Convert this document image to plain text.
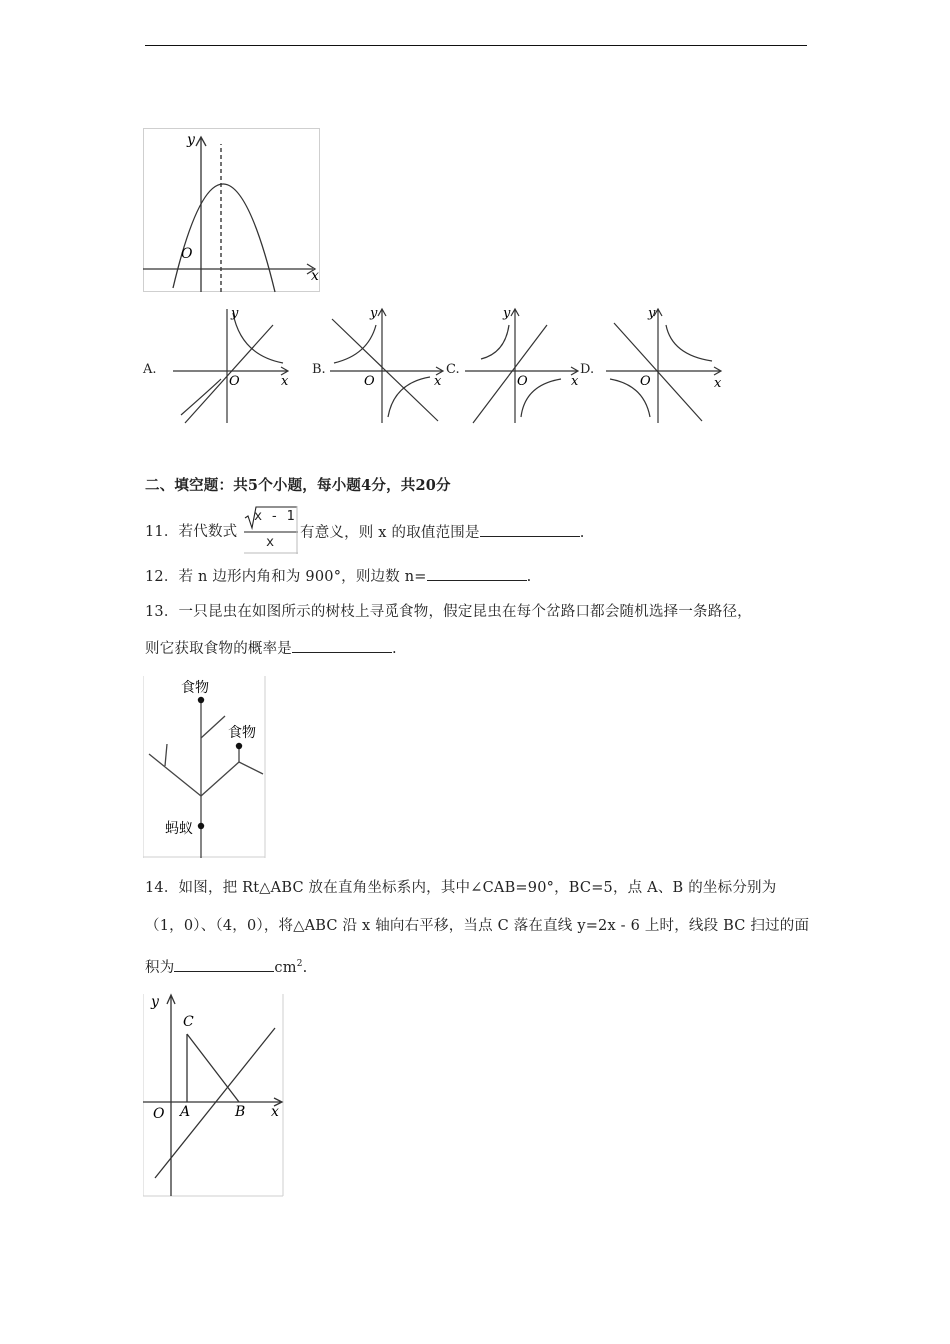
y
x
O
A.
y
x
O
B.
y
x
O
C.
y
x
O
D.
y
x
O
二、填空题：共5个小题，每小题4分，共20分
11．若代数式
x - 1
x
有意义，则 x 的取值范围是	.
12．若 n 边形内角和为 900°，则边数 n=	.
13．一只昆虫在如图所示的树枝上寻觅食物，假定昆虫在每个岔路口都会随机选择一条路径，
则它获取食物的概率是	.
食物
食物
蚂蚁
14．如图，把 Rt△ABC 放在直角坐标系内，其中∠CAB=90°，BC=5，点 A、B 的坐标分别为
（1，0）、（4，0），将△ABC 沿 x 轴向右平移，当点 C 落在直线 y=2x - 6 上时，线段 BC 扫过的面
积为	$cm^2$.
y
x
O A	B
C
